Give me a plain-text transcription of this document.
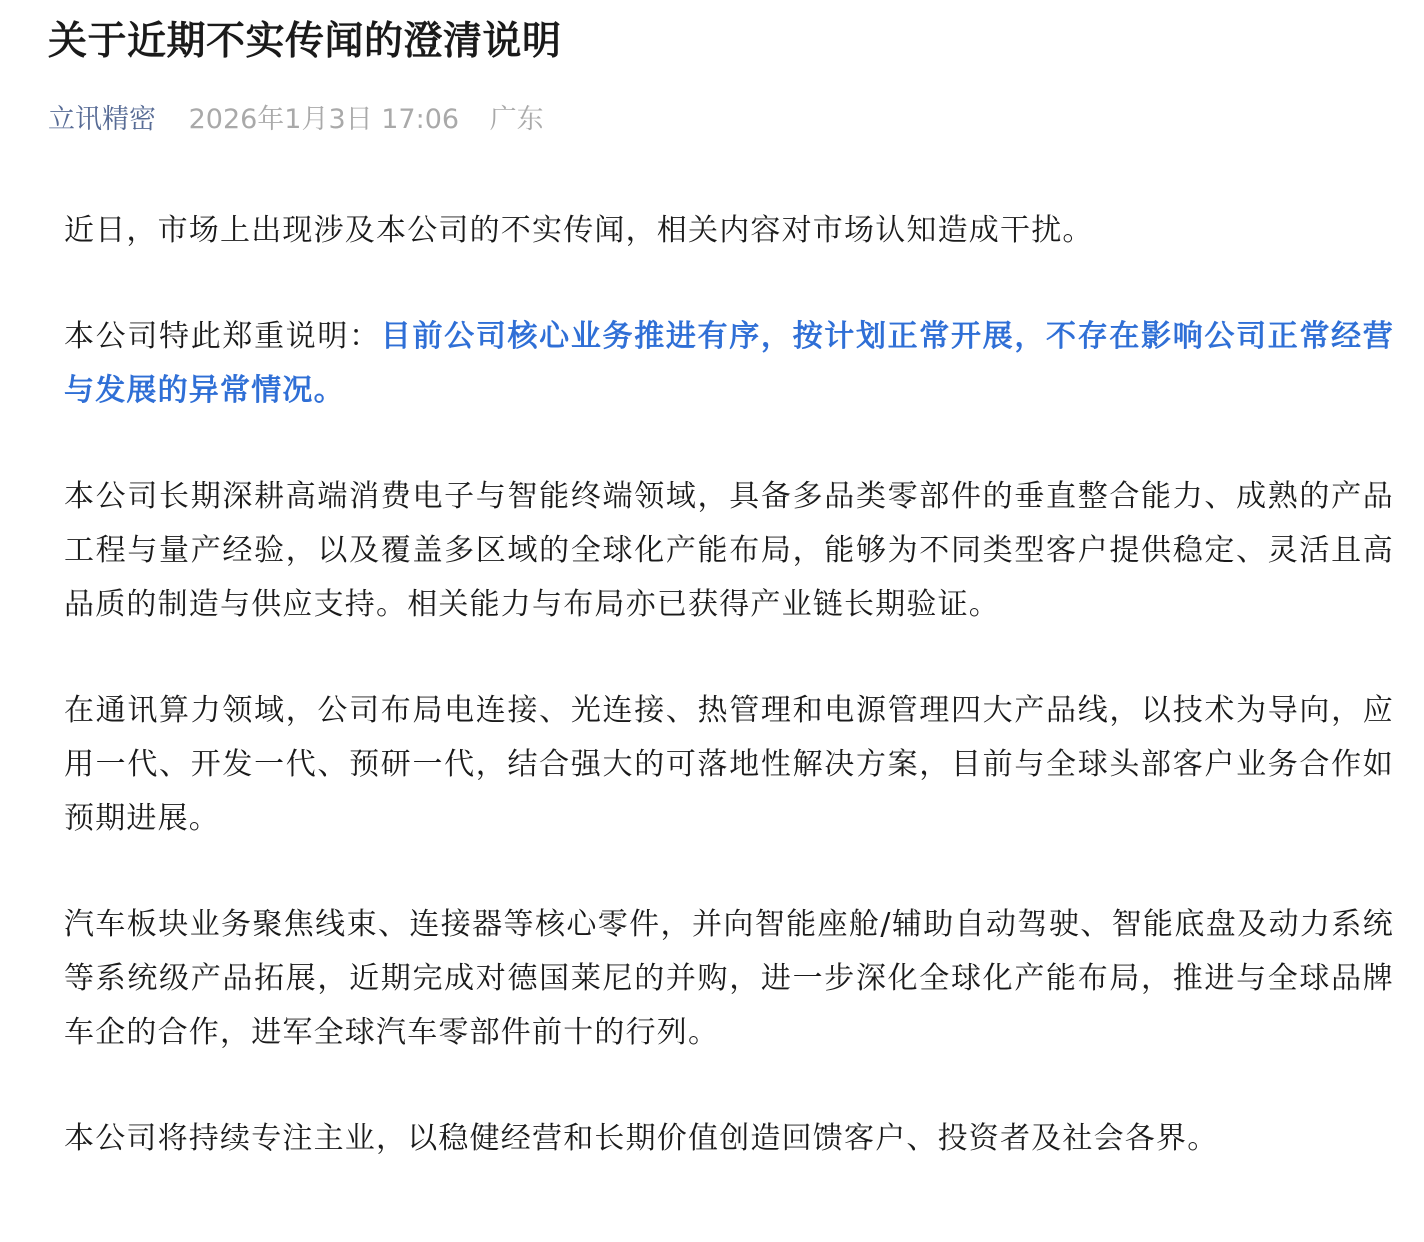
关于近期不实传闻的澄清说明
立讯精密 2026年1月3日 17:06 广东

近日，市场上出现涉及本公司的不实传闻，相关内容对市场认知造成干扰。

本公司特此郑重说明：目前公司核心业务推进有序，按计划正常开展，不存在影响公司正常经营与发展的异常情况。

本公司长期深耕高端消费电子与智能终端领域，具备多品类零部件的垂直整合能力、成熟的产品工程与量产经验，以及覆盖多区域的全球化产能布局，能够为不同类型客户提供稳定、灵活且高品质的制造与供应支持。相关能力与布局亦已获得产业链长期验证。

在通讯算力领域，公司布局电连接、光连接、热管理和电源管理四大产品线，以技术为导向，应用一代、开发一代、预研一代，结合强大的可落地性解决方案，目前与全球头部客户业务合作如预期进展。

汽车板块业务聚焦线束、连接器等核心零件，并向智能座舱/辅助自动驾驶、智能底盘及动力系统等系统级产品拓展，近期完成对德国莱尼的并购，进一步深化全球化产能布局，推进与全球品牌车企的合作，进军全球汽车零部件前十的行列。

本公司将持续专注主业，以稳健经营和长期价值创造回馈客户、投资者及社会各界。
